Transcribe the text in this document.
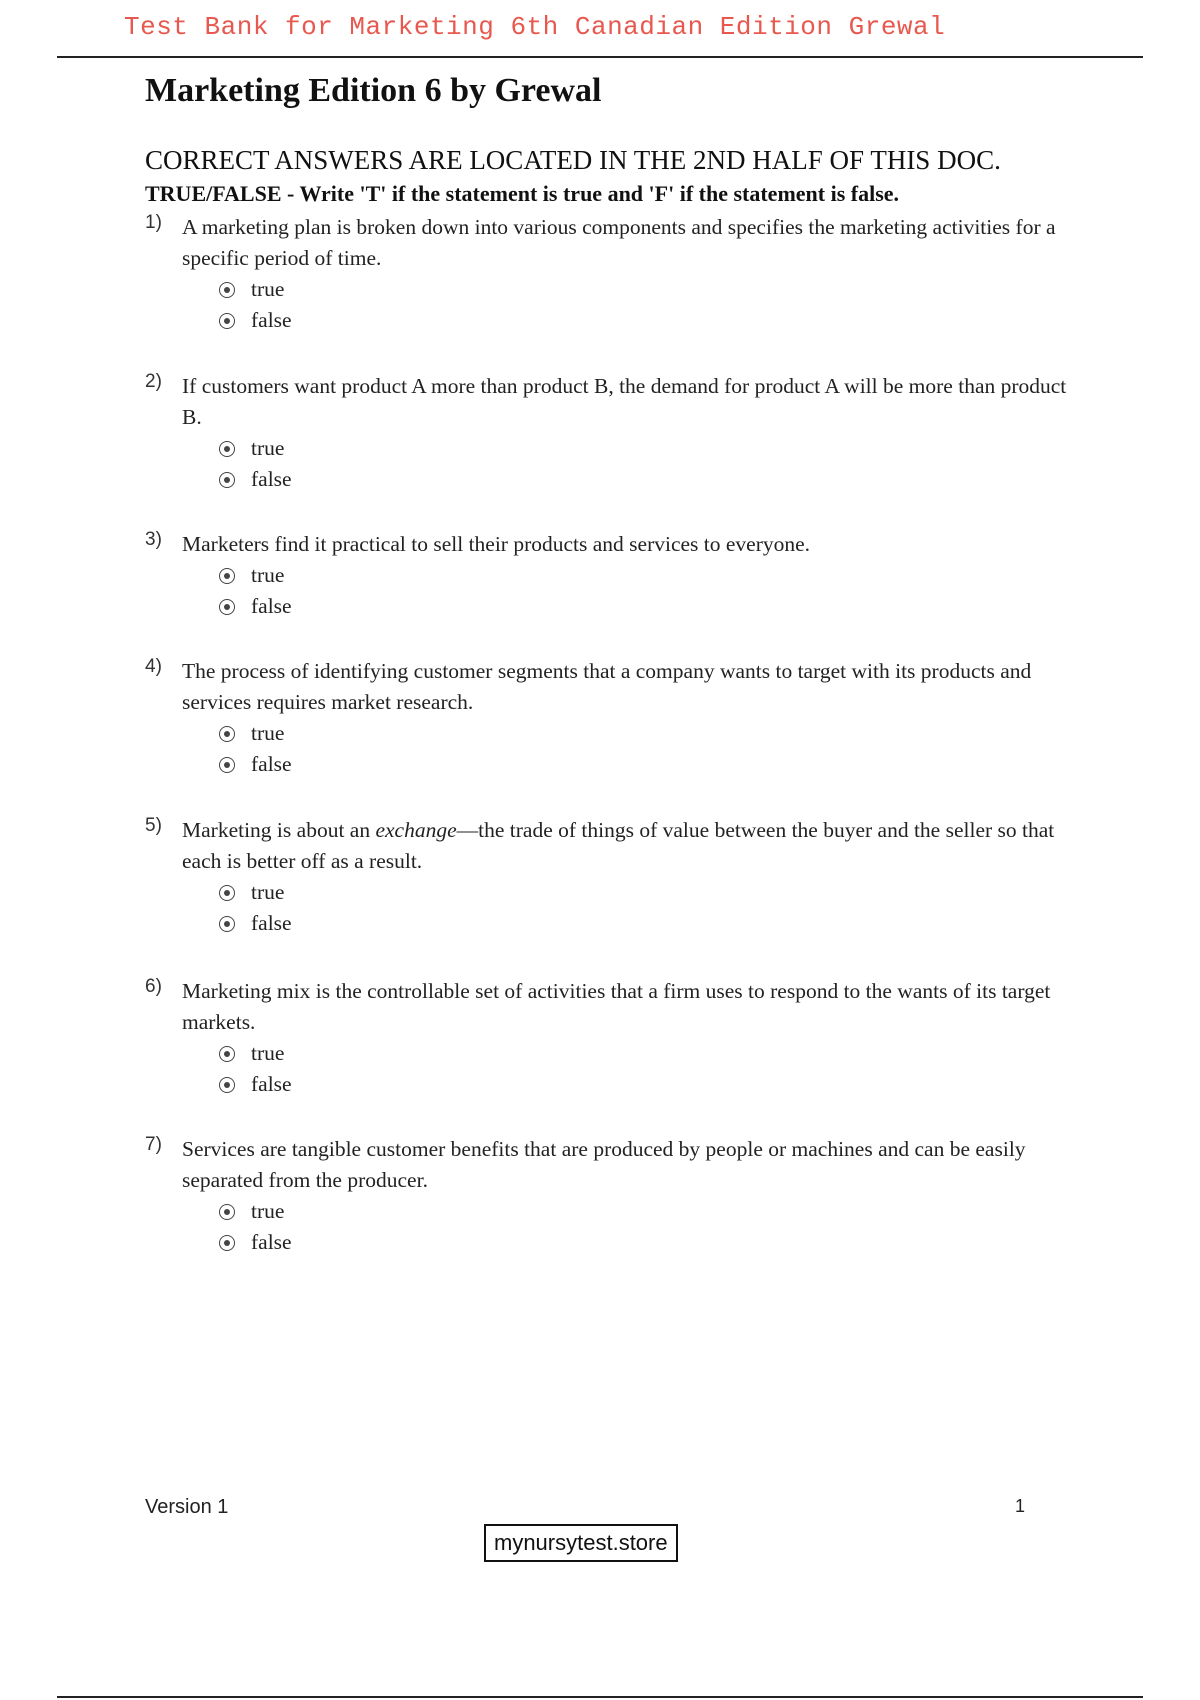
Test Bank for Marketing 6th Canadian Edition Grewal
Marketing Edition 6 by Grewal
CORRECT ANSWERS ARE LOCATED IN THE 2ND HALF OF THIS DOC.
TRUE/FALSE - Write 'T' if the statement is true and 'F' if the statement is false.
1) A marketing plan is broken down into various components and specifies the marketing activities for a specific period of time.
true
false
2) If customers want product A more than product B, the demand for product A will be more than product B.
true
false
3) Marketers find it practical to sell their products and services to everyone.
true
false
4) The process of identifying customer segments that a company wants to target with its products and services requires market research.
true
false
5) Marketing is about an exchange—the trade of things of value between the buyer and the seller so that each is better off as a result.
true
false
6) Marketing mix is the controllable set of activities that a firm uses to respond to the wants of its target markets.
true
false
7) Services are tangible customer benefits that are produced by people or machines and can be easily separated from the producer.
true
false
Version 1	1
mynursytest.store
